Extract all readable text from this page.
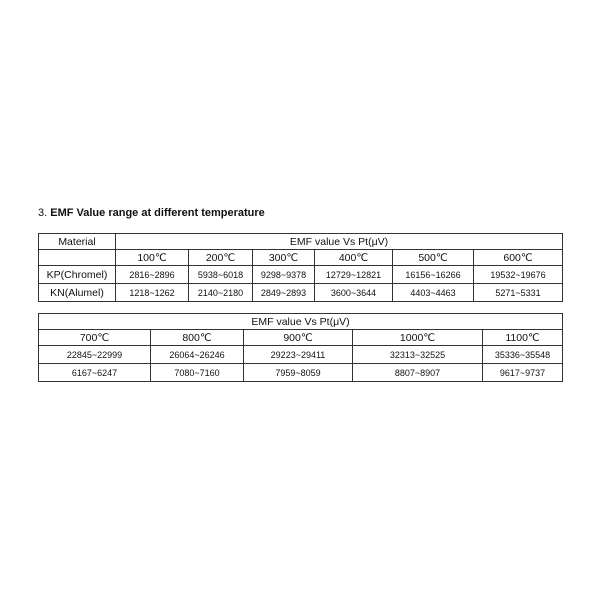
3. EMF Value range at different temperature
Material	EMF value Vs Pt(μV)					
	100℃	200℃	300℃	400℃	500℃	600℃
KP(Chromel)	2816~2896	5938~6018	9298~9378	12729~12821	16156~16266	19532~19676
KN(Alumel)	1218~1262	2140~2180	2849~2893	3600~3644	4403~4463	5271~5331
EMF value Vs Pt(μV)				
700℃	800℃	900℃	1000℃	1100℃
22845~22999	26064~26246	29223~29411	32313~32525	35336~35548
6167~6247	7080~7160	7959~8059	8807~8907	9617~9737
